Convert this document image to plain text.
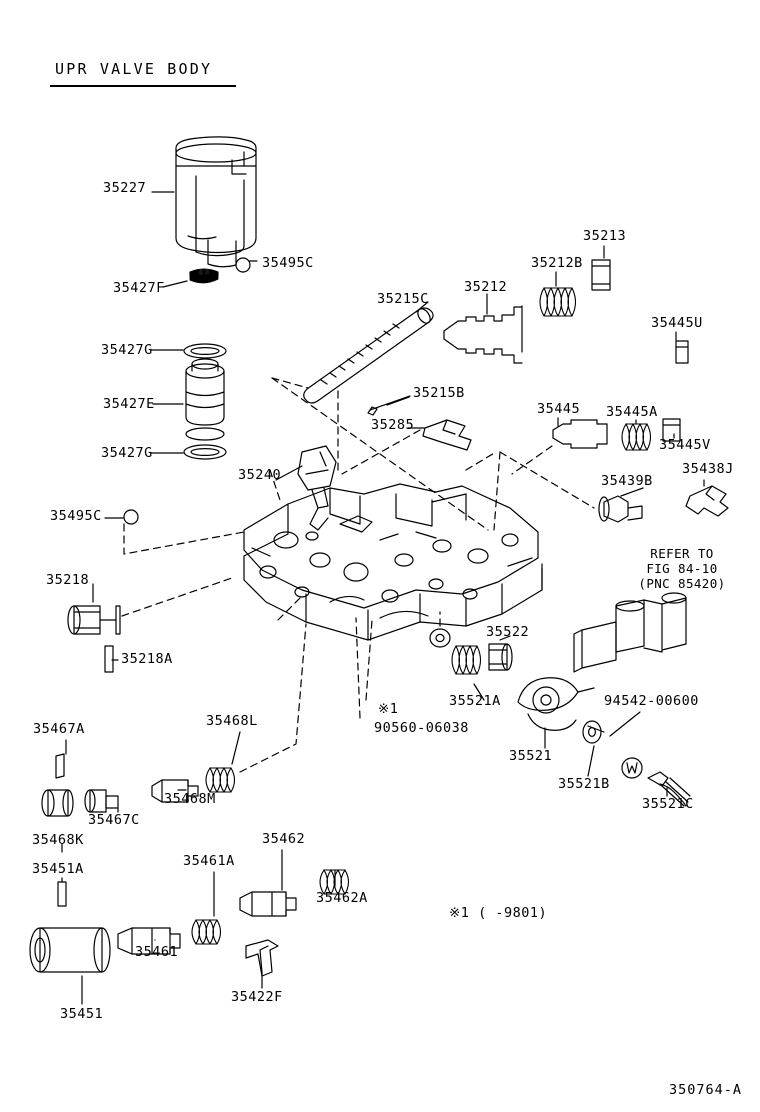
UPR VALVE BODY
35227
35495C
35427F
35427G
35427E
35427G
35215C
35212
35212B
35213
35445U
35445A
35445
35445V
35215B
35285
35240	35439B
35438J
35495C
35218
35218A
35522
35521A	94542-00600
35521
35521B
35521C
35467A	35468L
35468M
35467C
35468K
35451A	35461A
35462
35462A
35461
35422F
35451
※1
90560-06038
※1 ( -9801)
REFER TO
FIG 84-10
(PNC 85420)
350764-A
